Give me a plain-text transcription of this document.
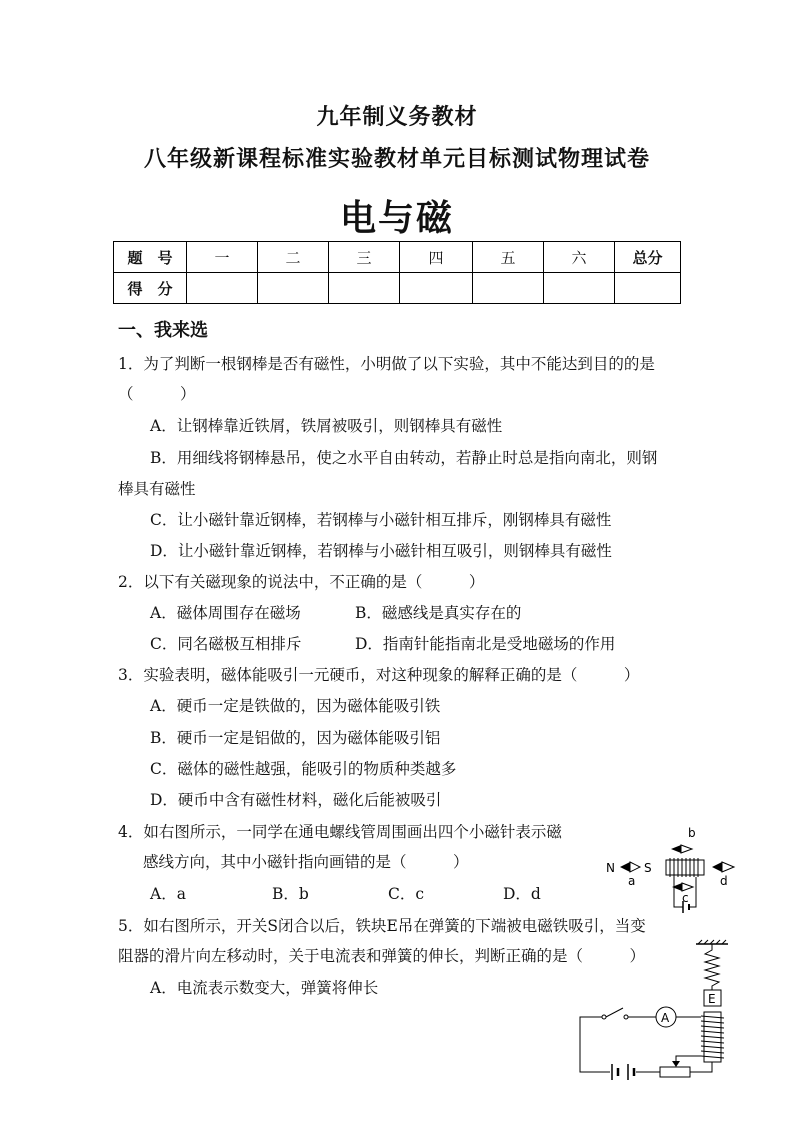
九年制义务教材
八年级新课程标准实验教材单元目标测试物理试卷
电与磁
题　号	一	二	三	四	五	六	总分
得　分							
一、我来选
1．为了判断一根钢棒是否有磁性，小明做了以下实验，其中不能达到目的的是
（　　　）
A．让钢棒靠近铁屑，铁屑被吸引，则钢棒具有磁性
B．用细线将钢棒悬吊，使之水平自由转动，若静止时总是指向南北，则钢
棒具有磁性
C．让小磁针靠近钢棒，若钢棒与小磁针相互排斥，刚钢棒具有磁性
D．让小磁针靠近钢棒，若钢棒与小磁针相互吸引，则钢棒具有磁性
2．以下有关磁现象的说法中，不正确的是（　　　）
A．磁体周围存在磁场	B．磁感线是真实存在的
C．同名磁极互相排斥	D．指南针能指南北是受地磁场的作用
3．实验表明，磁体能吸引一元硬币，对这种现象的解释正确的是（　　　）
A．硬币一定是铁做的，因为磁体能吸引铁
B．硬币一定是铝做的，因为磁体能吸引铝
C．磁体的磁性越强，能吸引的物质种类越多
D．硬币中含有磁性材料，磁化后能被吸引
4．如右图所示，一同学在通电螺线管周围画出四个小磁针表示磁
感线方向，其中小磁针指向画错的是（　　　）
A．a	B．b	C．c	D．d
N S
b
c
d
a
5．如右图所示，开关S闭合以后，铁块E吊在弹簧的下端被电磁铁吸引，当变
阻器的滑片向左移动时，关于电流表和弹簧的伸长，判断正确的是（　　　）
A．电流表示数变大，弹簧将伸长
E
A
